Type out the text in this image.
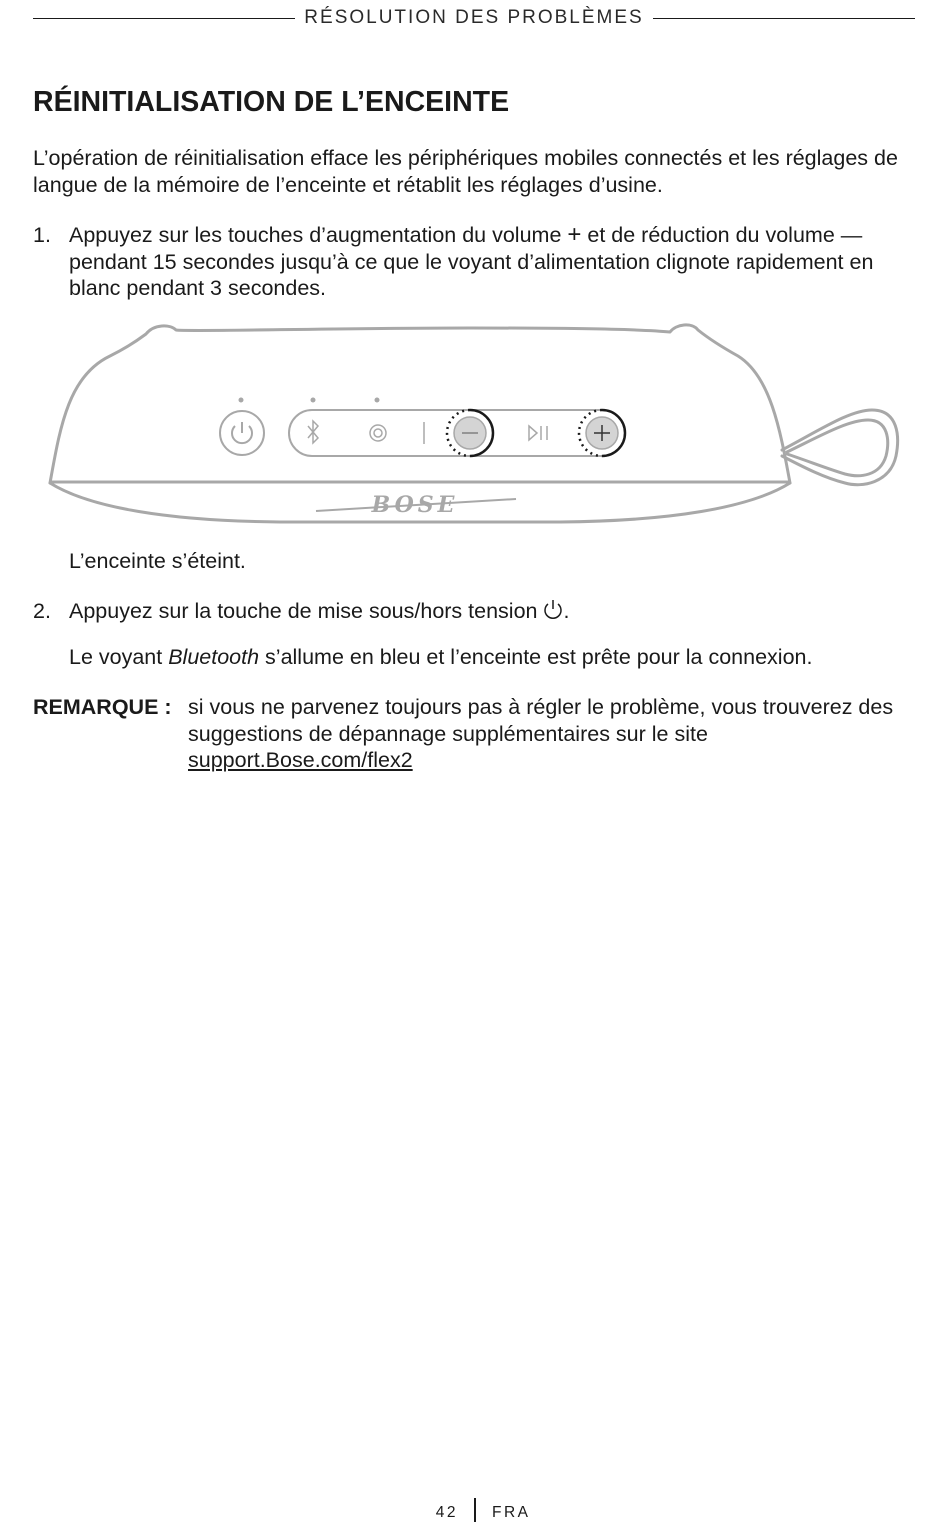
RÉSOLUTION DES PROBLÈMES
RÉINITIALISATION DE L’ENCEINTE

L’opération de réinitialisation efface les périphériques mobiles connectés et les réglages de langue de la mémoire de l’enceinte et rétablit les réglages d’usine.

1. Appuyez sur les touches d’augmentation du volume + et de réduction du volume — pendant 15 secondes jusqu’à ce que le voyant d’alimentation clignote rapidement en blanc pendant 3 secondes.
BOSE

L’enceinte s’éteint.

2. Appuyez sur la touche de mise sous/hors tension .

Le voyant Bluetooth s’allume en bleu et l’enceinte est prête pour la connexion.

REMARQUE : si vous ne parvenez toujours pas à régler le problème, vous trouverez des suggestions de dépannage supplémentaires sur le site support.Bose.com/flex2
42 FRA
